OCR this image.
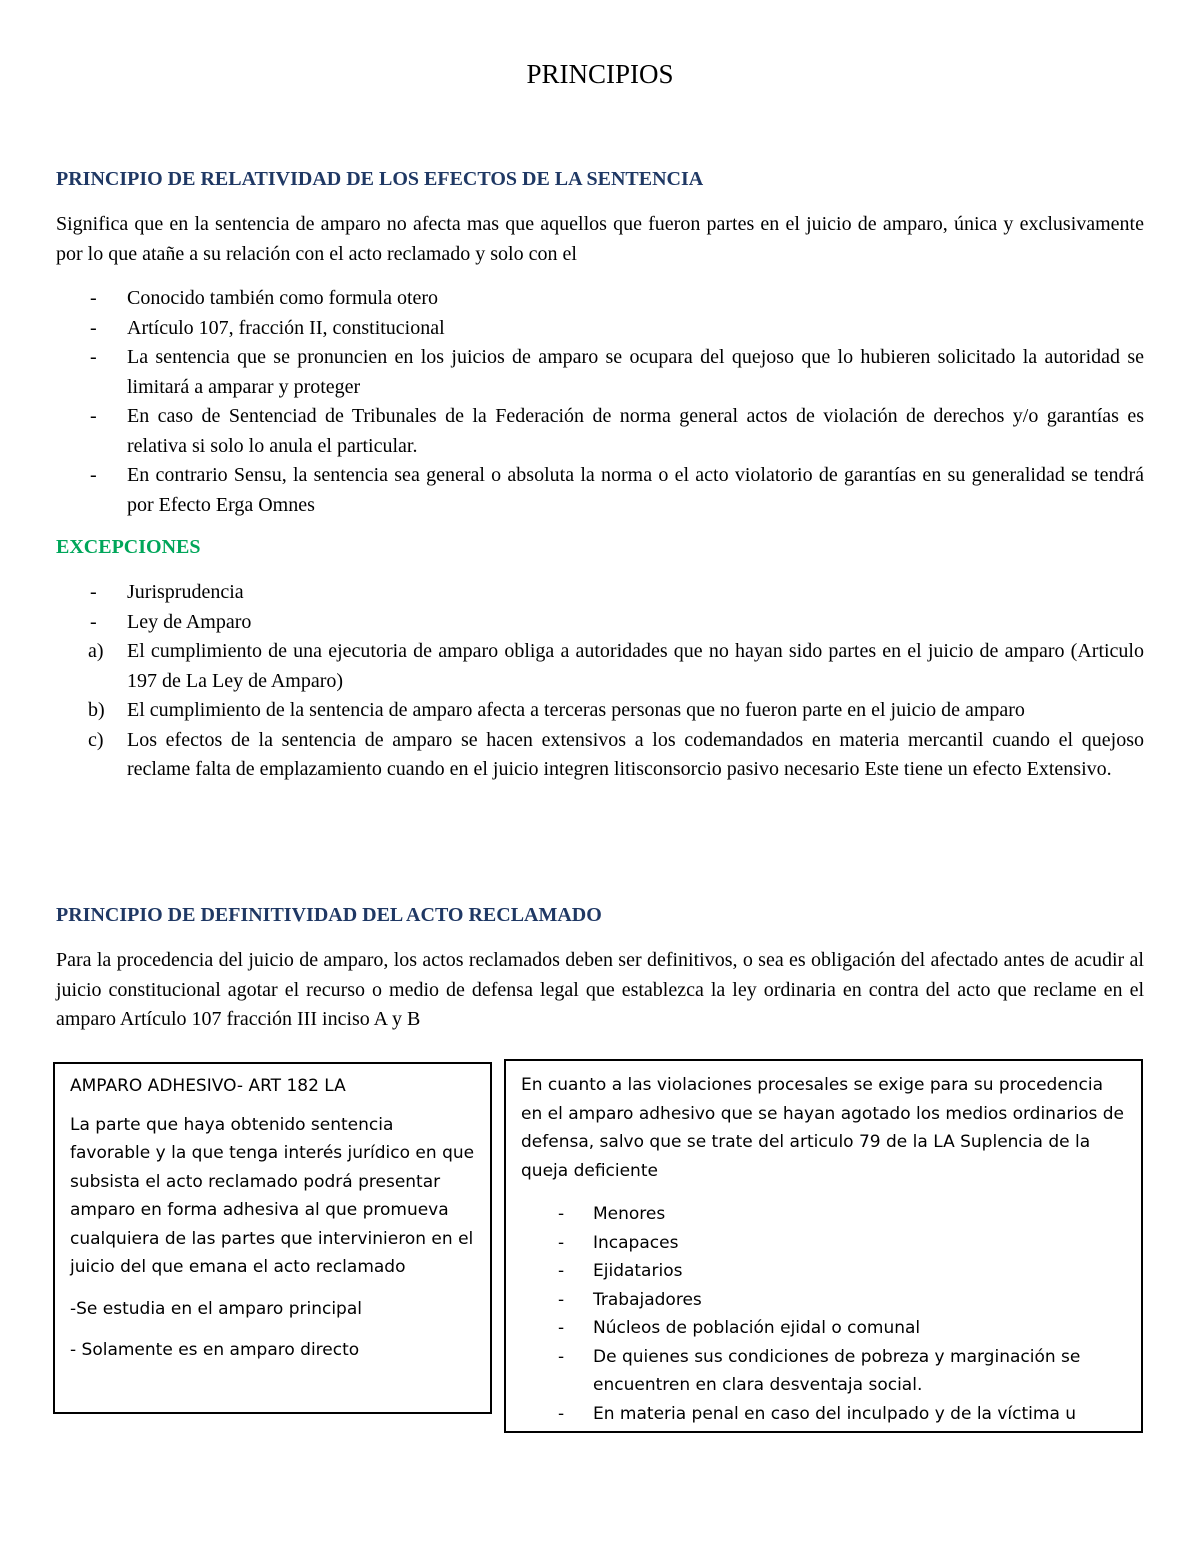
PRINCIPIOS
PRINCIPIO DE RELATIVIDAD DE LOS EFECTOS DE LA SENTENCIA
Significa que en la sentencia de amparo no afecta mas que aquellos que fueron partes en el juicio de amparo, única y exclusivamente por lo que atañe a su relación con el acto reclamado y solo con el
- Conocido también como formula otero
- Artículo 107, fracción II, constitucional
- La sentencia que se pronuncien en los juicios de amparo se ocupara del quejoso que lo hubieren solicitado la autoridad se limitará a amparar y proteger
- En caso de Sentenciad de Tribunales de la Federación de norma general actos de violación de derechos y/o garantías es relativa si solo lo anula el particular.
- En contrario Sensu, la sentencia sea general o absoluta la norma o el acto violatorio de garantías en su generalidad se tendrá por Efecto Erga Omnes
EXCEPCIONES
- Jurisprudencia
- Ley de Amparo
a) El cumplimiento de una ejecutoria de amparo obliga a autoridades que no hayan sido partes en el juicio de amparo (Articulo 197 de La Ley de Amparo)
b) El cumplimiento de la sentencia de amparo afecta a terceras personas que no fueron parte en el juicio de amparo
c) Los efectos de la sentencia de amparo se hacen extensivos a los codemandados en materia mercantil cuando el quejoso reclame falta de emplazamiento cuando en el juicio integren litisconsorcio pasivo necesario Este tiene un efecto Extensivo.
PRINCIPIO DE DEFINITIVIDAD DEL ACTO RECLAMADO
Para la procedencia del juicio de amparo, los actos reclamados deben ser definitivos, o sea es obligación del afectado antes de acudir al juicio constitucional agotar el recurso o medio de defensa legal que establezca la ley ordinaria en contra del acto que reclame en el amparo Artículo 107 fracción III inciso A y B

AMPARO ADHESIVO- ART 182 LA

La parte que haya obtenido sentencia favorable y la que tenga interés jurídico en que subsista el acto reclamado podrá presentar amparo en forma adhesiva al que promueva cualquiera de las partes que intervinieron en el juicio del que emana el acto reclamado

-Se estudia en el amparo principal

- Solamente es en amparo directo

En cuanto a las violaciones procesales se exige para su procedencia en el amparo adhesivo que se hayan agotado los medios ordinarios de defensa, salvo que se trate del articulo 79 de la LA Suplencia de la queja deficiente

- Menores
- Incapaces
- Ejidatarios
- Trabajadores
- Núcleos de población ejidal o comunal
- De quienes sus condiciones de pobreza y marginación se encuentren en clara desventaja social.
- En materia penal en caso del inculpado y de la víctima u
